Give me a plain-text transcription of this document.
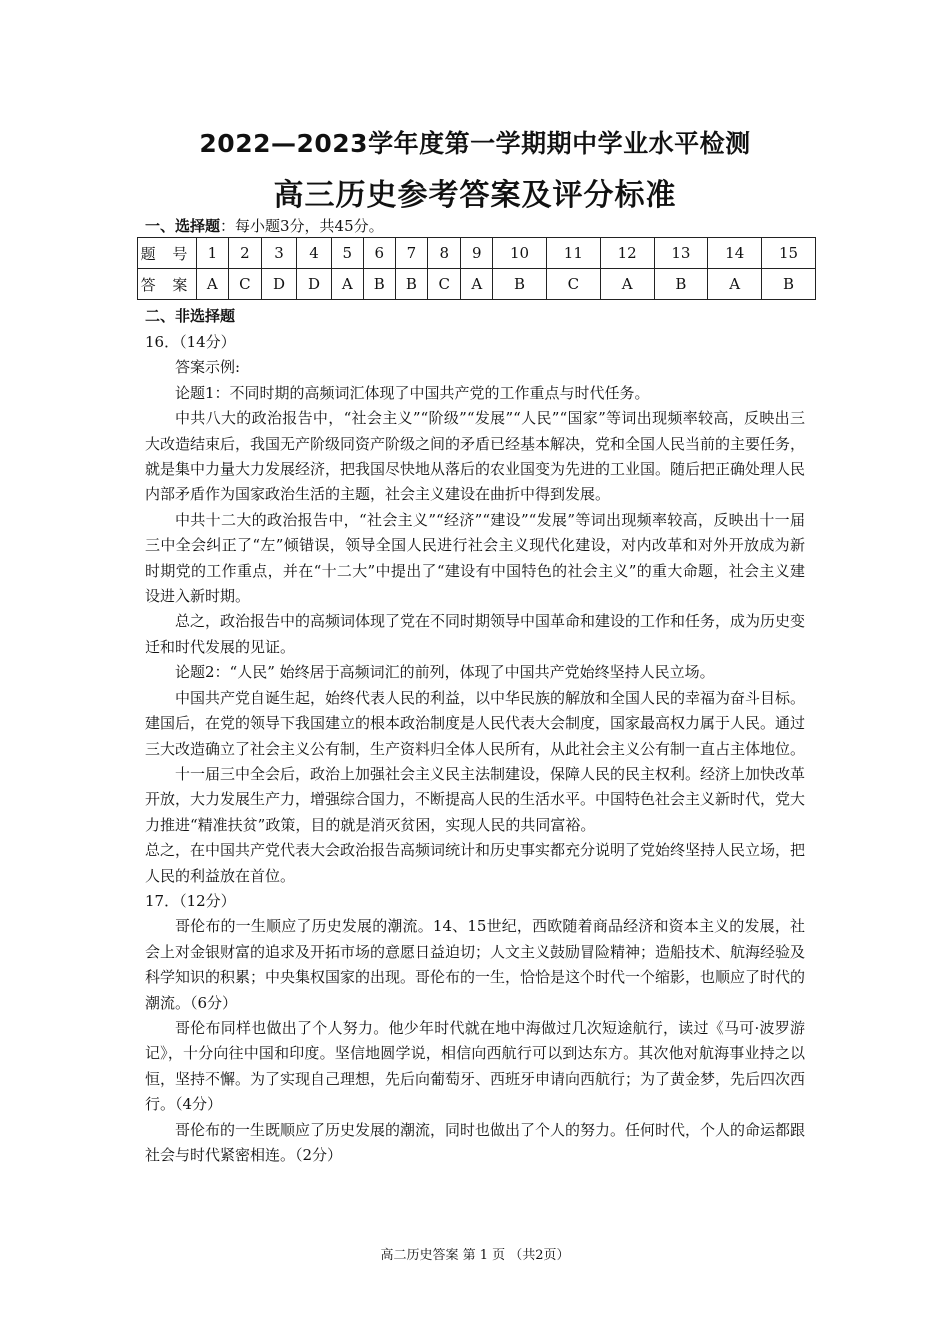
2022—2023学年度第一学期期中学业水平检测
高三历史参考答案及评分标准
一、选择题：每小题3分，共45分。
题 号	1	2	3	4	5	6	7	8	9	10	11	12	13	14	15
答 案	A	C	D	D	A	B	B	C	A	B	C	A	B	A	B
二、非选择题

16．（14分）

答案示例:

论题1：不同时期的高频词汇体现了中国共产党的工作重点与时代任务。

中共八大的政治报告中，“社会主义”“阶级”“发展”“人民”“国家”等词出现频率较高，反映出三大改造结束后，我国无产阶级同资产阶级之间的矛盾已经基本解决，党和全国人民当前的主要任务，就是集中力量大力发展经济，把我国尽快地从落后的农业国变为先进的工业国。随后把正确处理人民内部矛盾作为国家政治生活的主题，社会主义建设在曲折中得到发展。

中共十二大的政治报告中，“社会主义”“经济”“建设”“发展”等词出现频率较高，反映出十一届三中全会纠正了“左”倾错误，领导全国人民进行社会主义现代化建设，对内改革和对外开放成为新时期党的工作重点，并在“十二大”中提出了“建设有中国特色的社会主义”的重大命题，社会主义建设进入新时期。

总之，政治报告中的高频词体现了党在不同时期领导中国革命和建设的工作和任务，成为历史变迁和时代发展的见证。

论题2：“人民” 始终居于高频词汇的前列，体现了中国共产党始终坚持人民立场。

中国共产党自诞生起，始终代表人民的利益，以中华民族的解放和全国人民的幸福为奋斗目标。建国后，在党的领导下我国建立的根本政治制度是人民代表大会制度，国家最高权力属于人民。通过三大改造确立了社会主义公有制，生产资料归全体人民所有，从此社会主义公有制一直占主体地位。

十一届三中全会后，政治上加强社会主义民主法制建设，保障人民的民主权利。经济上加快改革开放，大力发展生产力，增强综合国力，不断提高人民的生活水平。中国特色社会主义新时代，党大力推进“精准扶贫”政策，目的就是消灭贫困，实现人民的共同富裕。

总之，在中国共产党代表大会政治报告高频词统计和历史事实都充分说明了党始终坚持人民立场，把人民的利益放在首位。

17．（12分）

哥伦布的一生顺应了历史发展的潮流。14、15世纪，西欧随着商品经济和资本主义的发展，社会上对金银财富的追求及开拓市场的意愿日益迫切；人文主义鼓励冒险精神；造船技术、航海经验及科学知识的积累；中央集权国家的出现。哥伦布的一生，恰恰是这个时代一个缩影，也顺应了时代的潮流。（6分）

哥伦布同样也做出了个人努力。他少年时代就在地中海做过几次短途航行，读过《马可·波罗游记》，十分向往中国和印度。坚信地圆学说，相信向西航行可以到达东方。其次他对航海事业持之以恒，坚持不懈。为了实现自己理想，先后向葡萄牙、西班牙申请向西航行；为了黄金梦，先后四次西行。（4分）

哥伦布的一生既顺应了历史发展的潮流，同时也做出了个人的努力。任何时代，个人的命运都跟社会与时代紧密相连。（2分）

高二历史答案 第 1 页 （共2页）
